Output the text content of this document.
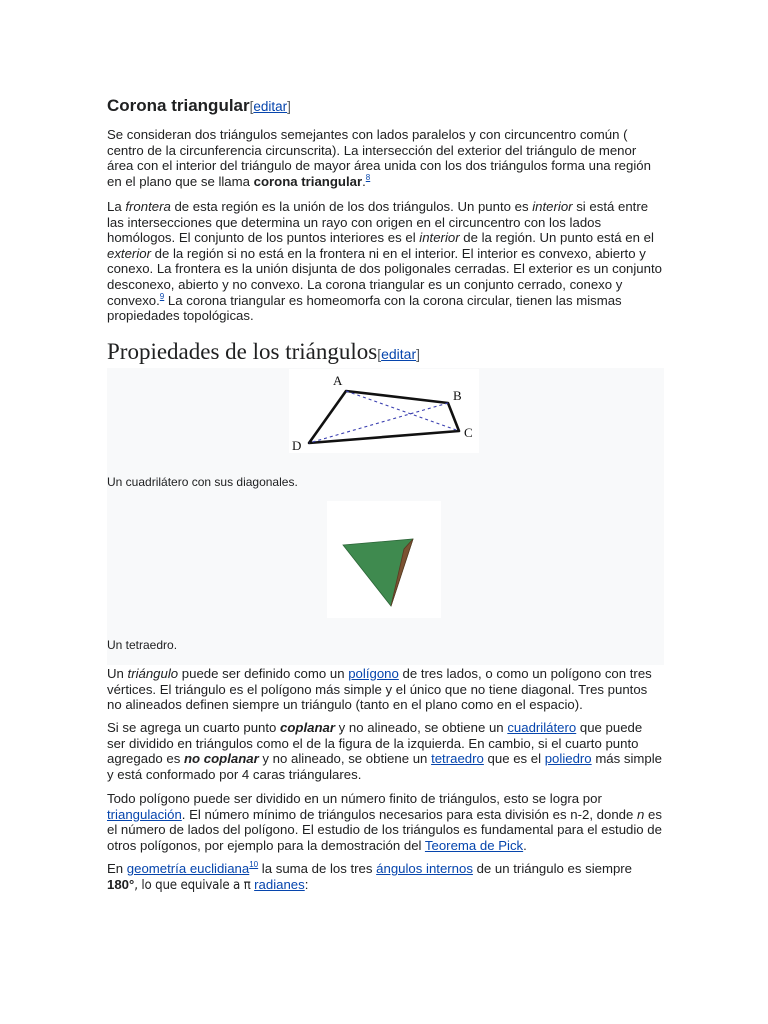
Corona triangular[editar]

Se consideran dos triángulos semejantes con lados paralelos y con circuncentro común ( centro de la circunferencia circunscrita). La intersección del exterior del triángulo de menor área con el interior del triángulo de mayor área unida con los dos triángulos forma una región en el plano que se llama corona triangular.$^8$

La frontera de esta región es la unión de los dos triángulos. Un punto es interior si está entre las intersecciones que determina un rayo con origen en el circuncentro con los lados homólogos. El conjunto de los puntos interiores es el interior de la región. Un punto está en el exterior de la región si no está en la frontera ni en el interior. El interior es convexo, abierto y conexo. La frontera es la unión disjunta de dos poligonales cerradas. El exterior es un conjunto desconexo, abierto y no convexo. La corona triangular es un conjunto cerrado, conexo y convexo.$^9$ La corona triangular es homeomorfa con la corona circular, tienen las mismas propiedades topológicas.

Propiedades de los triángulos[editar]
A
B
C
D
Un cuadrilátero con sus diagonales.
Un tetraedro.

Un triángulo puede ser definido como un polígono de tres lados, o como un polígono con tres vértices. El triángulo es el polígono más simple y el único que no tiene diagonal. Tres puntos no alineados definen siempre un triángulo (tanto en el plano como en el espacio).

Si se agrega un cuarto punto coplanar y no alineado, se obtiene un cuadrilátero que puede ser dividido en triángulos como el de la figura de la izquierda. En cambio, si el cuarto punto agregado es no coplanar y no alineado, se obtiene un tetraedro que es el poliedro más simple y está conformado por 4 caras triángulares.

Todo polígono puede ser dividido en un número finito de triángulos, esto se logra por triangulación. El número mínimo de triángulos necesarios para esta división es n-2, donde n es el número de lados del polígono. El estudio de los triángulos es fundamental para el estudio de otros polígonos, por ejemplo para la demostración del Teorema de Pick.

En geometría euclidiana$^{10}$ la suma de los tres ángulos internos de un triángulo es siempre 180°, lo que equivale a π radianes:
